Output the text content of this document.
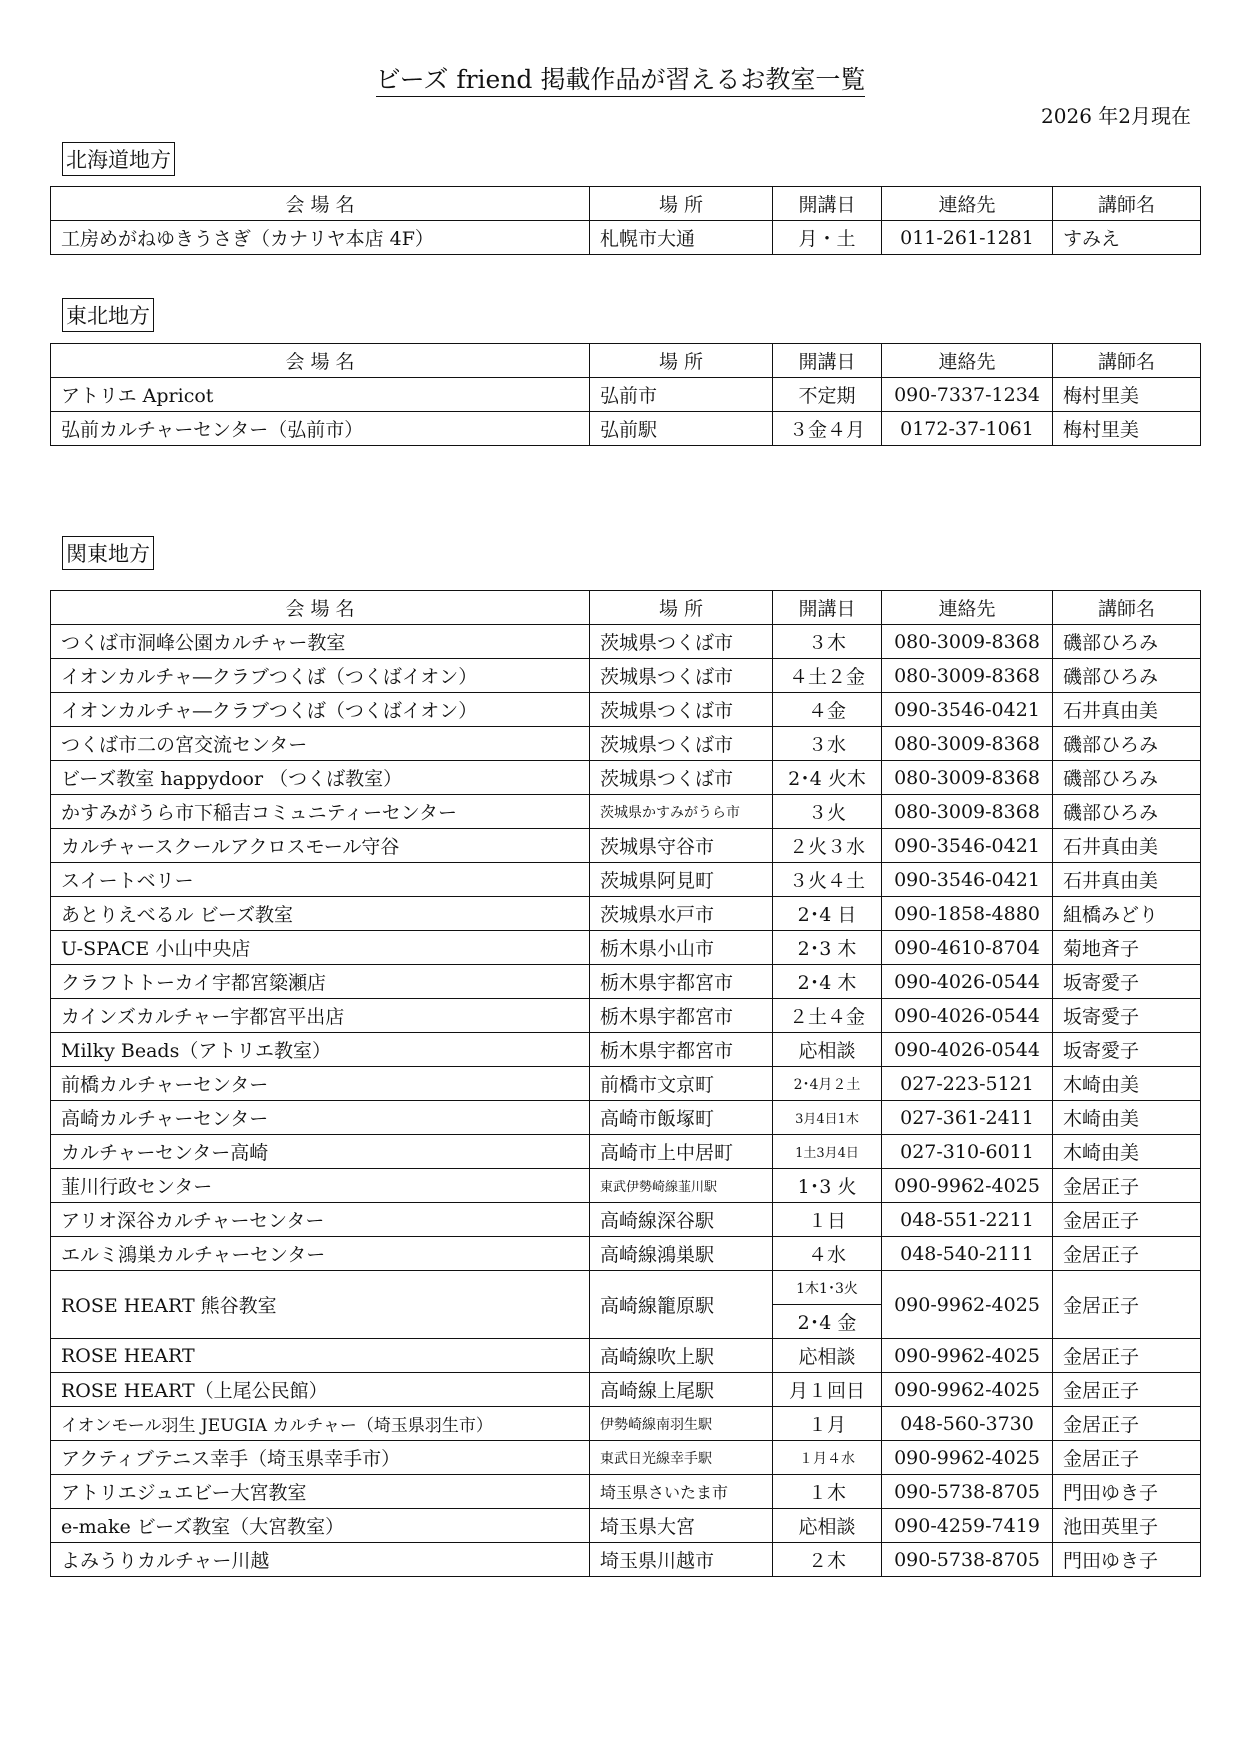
ビーズ friend 掲載作品が習えるお教室一覧
2026 年2月現在
北海道地方
会 場 名	場 所	開講日	連絡先	講師名
工房めがねゆきうさぎ（カナリヤ本店 4F）	札幌市大通	月・土	011-261-1281	すみえ
東北地方
会 場 名	場 所	開講日	連絡先	講師名
アトリエ Apricot	弘前市	不定期	090-7337-1234	梅村里美
弘前カルチャーセンター（弘前市）	弘前駅	３金４月	0172-37-1061	梅村里美
関東地方
会 場 名	場 所	開講日	連絡先	講師名
つくば市洞峰公園カルチャー教室	茨城県つくば市	３木	080-3009-8368	磯部ひろみ
イオンカルチャ―クラブつくば（つくばイオン）	茨城県つくば市	４土２金	080-3009-8368	磯部ひろみ
イオンカルチャ―クラブつくば（つくばイオン）	茨城県つくば市	４金	090-3546-0421	石井真由美
つくば市二の宮交流センター	茨城県つくば市	３水	080-3009-8368	磯部ひろみ
ビーズ教室 happydoor （つくば教室）	茨城県つくば市	2･4 火木	080-3009-8368	磯部ひろみ
かすみがうら市下稲吉コミュニティーセンター	茨城県かすみがうら市	３火	080-3009-8368	磯部ひろみ
カルチャースクールアクロスモール守谷	茨城県守谷市	２火３水	090-3546-0421	石井真由美
スイートベリー	茨城県阿見町	３火４土	090-3546-0421	石井真由美
あとりえべるル ビーズ教室	茨城県水戸市	2･4 日	090-1858-4880	組橋みどり
U-SPACE 小山中央店	栃木県小山市	2･3 木	090-4610-8704	菊地斉子
クラフトトーカイ宇都宮簗瀬店	栃木県宇都宮市	2･4 木	090-4026-0544	坂寄愛子
カインズカルチャー宇都宮平出店	栃木県宇都宮市	２土４金	090-4026-0544	坂寄愛子
Milky Beads（アトリエ教室）	栃木県宇都宮市	応相談	090-4026-0544	坂寄愛子
前橋カルチャーセンター	前橋市文京町	2･4月２土	027-223-5121	木崎由美
高崎カルチャーセンター	高崎市飯塚町	3月4日1木	027-361-2411	木崎由美
カルチャーセンター高崎	高崎市上中居町	1土3月4日	027-310-6011	木崎由美
韮川行政センター	東武伊勢崎線韮川駅	1･3 火	090-9962-4025	金居正子
アリオ深谷カルチャーセンター	高崎線深谷駅	１日	048-551-2211	金居正子
エルミ鴻巣カルチャーセンター	高崎線鴻巣駅	４水	048-540-2111	金居正子
ROSE HEART 熊谷教室	高崎線籠原駅	1木1･3火	090-9962-4025	金居正子
		2･4 金		
ROSE HEART	高崎線吹上駅	応相談	090-9962-4025	金居正子
ROSE HEART（上尾公民館）	高崎線上尾駅	月１回日	090-9962-4025	金居正子
イオンモール羽生 JEUGIA カルチャー（埼玉県羽生市）	伊勢崎線南羽生駅	１月	048-560-3730	金居正子
アクティブテニス幸手（埼玉県幸手市）	東武日光線幸手駅	１月４水	090-9962-4025	金居正子
アトリエジュエビー大宮教室	埼玉県さいたま市	１木	090-5738-8705	門田ゆき子
e-make ビーズ教室（大宮教室）	埼玉県大宮	応相談	090-4259-7419	池田英里子
よみうりカルチャー川越	埼玉県川越市	２木	090-5738-8705	門田ゆき子
